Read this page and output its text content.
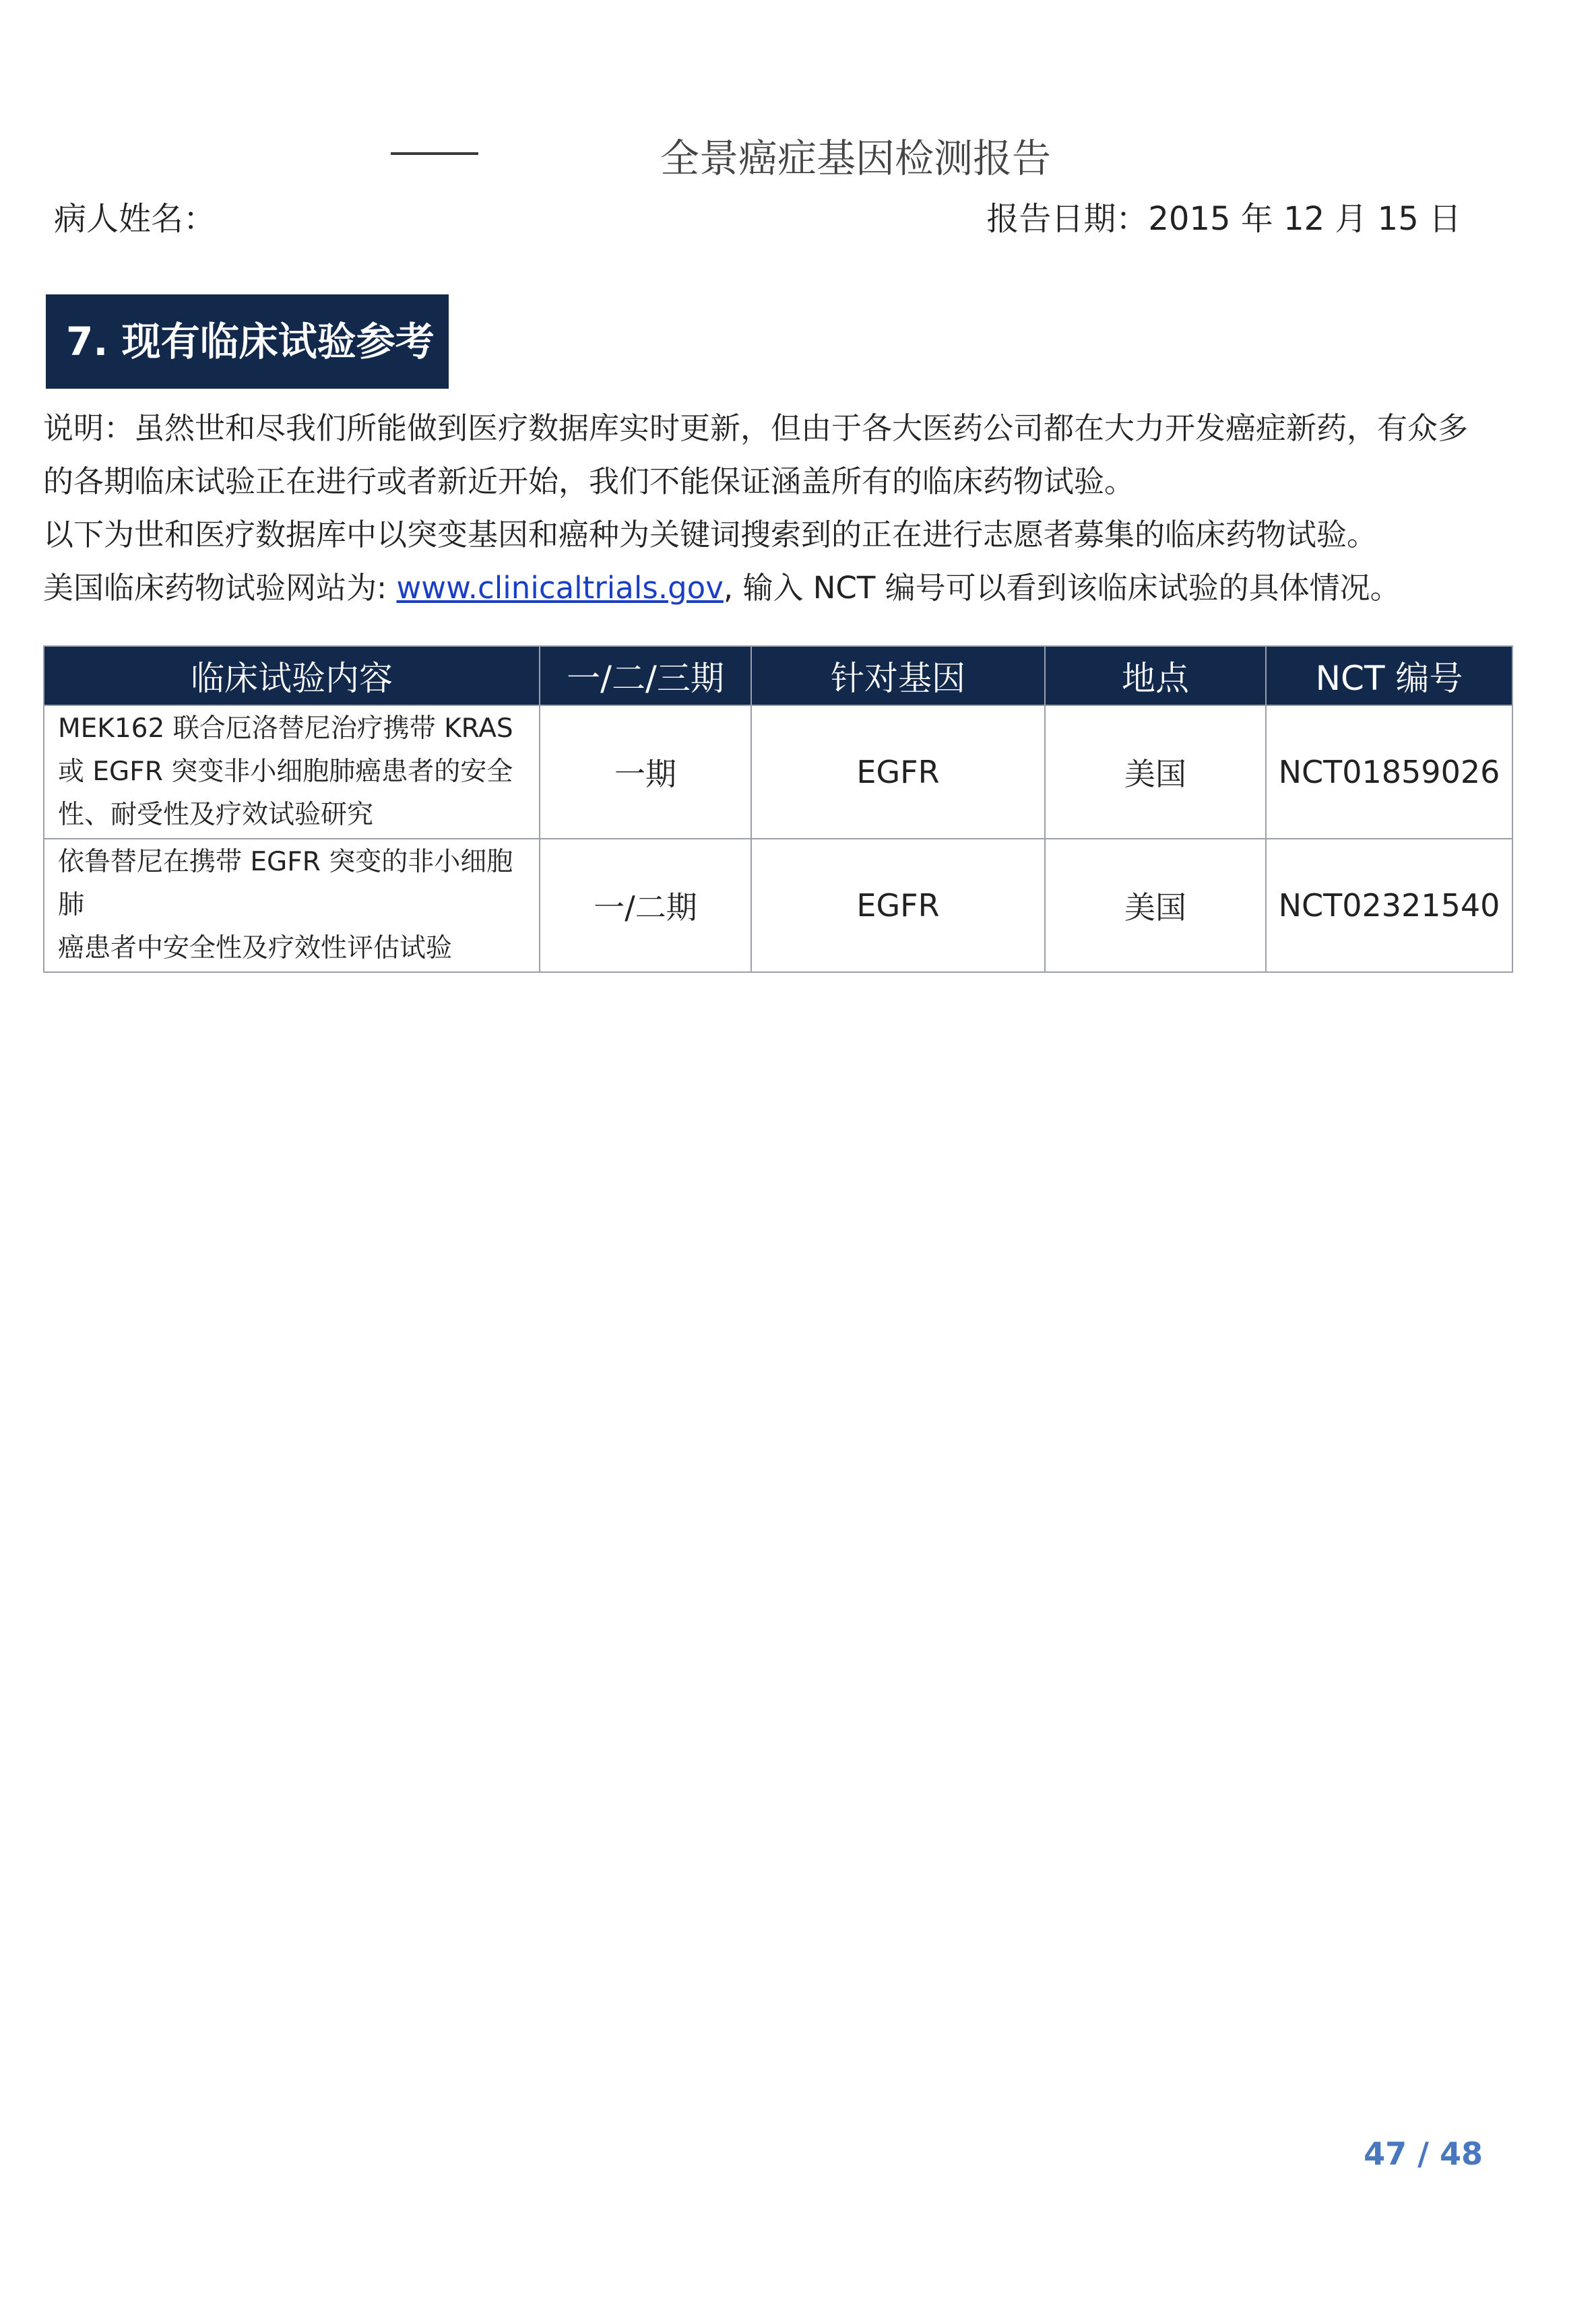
全景癌症基因检测报告
病人姓名：	报告日期：2015 年 12 月 15 日
7. 现有临床试验参考

说明：虽然世和尽我们所能做到医疗数据库实时更新，但由于各大医药公司都在大力开发癌症新药，有众多

的各期临床试验正在进行或者新近开始，我们不能保证涵盖所有的临床药物试验。

以下为世和医疗数据库中以突变基因和癌种为关键词搜索到的正在进行志愿者募集的临床药物试验。

美国临床药物试验网站为: www.clinicaltrials.gov, 输入 NCT 编号可以看到该临床试验的具体情况。

临床试验内容	一/二/三期	针对基因	地点	NCT 编号

MEK162 联合厄洛替尼治疗携带 KRAS
或 EGFR 突变非小细胞肺癌患者的安全
性、耐受性及疗效试验研究	一期	EGFR	美国	NCT01859026

依鲁替尼在携带 EGFR 突变的非小细胞肺
癌患者中安全性及疗效性评估试验	一/二期	EGFR	美国	NCT02321540
47 / 48
